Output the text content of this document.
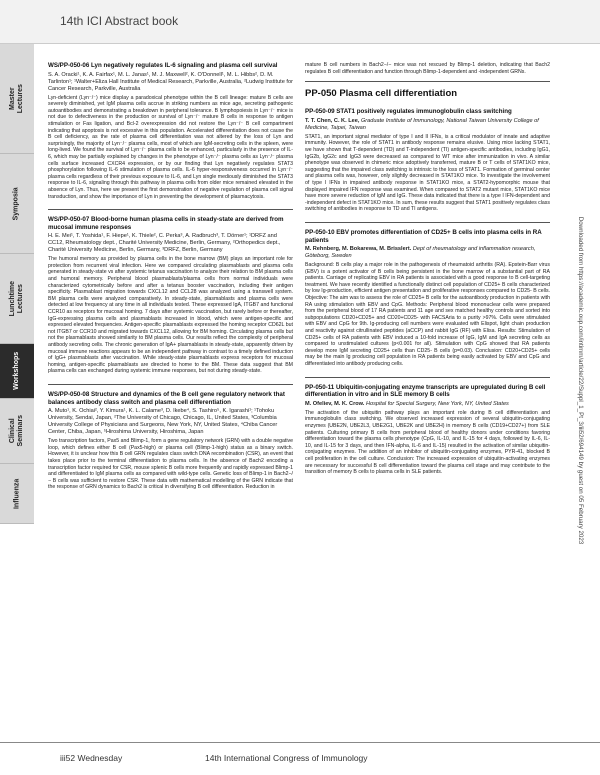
14th ICI Abstract book
Master
Lectures
Symposia
Lunchtime
Lectures
Workshops
Clinical
Seminars
Influenza
WS/PP-050-06 Lyn negatively regulates IL-6 signaling and plasma cell survival
S. A. Oracki¹, K. A. Fairfax¹, M. L. Janas¹, M. J. Maxwell², K. O'Donnell¹, M. L. Hibbs², D. M. Tarlinton¹; ¹Walter+Eliza Hall Institute of Medical Research, Parkville, Australia, ²Ludwig Institute for Cancer Research, Parkville, Australia
Lyn-deficient (Lyn⁻/⁻) mice display a paradoxical phenotype within the B cell lineage: mature B cells are severely diminished, yet IgM plasma cells accrue in striking numbers as mice age, secreting pathogenic autoantibodies and demonstrating a breakdown in peripheral tolerance. B lymphopoiesis in Lyn⁻/⁻ mice is not due to defectiveness in the production or survival of Lyn⁻/⁻ mature B cells in response to antigen stimulation or Fas ligation, and Bcl-2 overexpression did not restore the Lyn⁻/⁻ B cell compartment indicating that apoptosis is not excessive in this population. Accelerated differentiation does not cause the B cell deficiency, as the rate of plasma cell differentiation was not altered by the loss of Lyn and surprisingly, the majority of Lyn⁻/⁻ plasma cells, most of which are IgM-secreting cells in the spleen, were long-lived. We found the survival of Lyn⁻/⁻ plasma cells to be enhanced, particularly in the presence of IL-6, which may be partially explained by changes in the phenotype of Lyn⁻/⁻ plasma cells as Lyn⁻/⁻ plasma cells surface increased CXCR4 expression, or by our finding that Lyn negatively regulates STAT3 phosphorylation following IL-6 stimulation of plasma cells. IL-6 hyper-responsiveness occurred in Lyn⁻/⁻ plasma cells regardless of their previous exposure to IL-6, and Lyn single mediously diminished the STAT3 response to IL-6, signaling through this pathway in plasma cells from older mice remained elevated in the absence of Lyn. Thus, here we present the first demonstration of negative regulation of plasma cell signal transduction, and show the importance of Lyn in preventing the development of plasmacytosis.
WS/PP-050-07 Blood-borne human plasma cells in steady-state are derived from mucosal immune responses
H. E. Mei¹, T. Yoshida¹, F. Hiepe¹, K. Thiele², C. Perka³, A. Radbruch³, T. Dörner¹; ¹DRFZ and CC12, Rheumatology dept., Charité University Medicine, Berlin, Germany, ²Orthopedics dept., Charité University Medicine, Berlin, Germany, ³DRFZ, Berlin, Germany
The humoral memory as provided by plasma cells in the bone marrow (BM) plays an important role for protection from recurrent viral infection. Here we compared circulating plasmablasts and plasma cells generated in steady-state vs after systemic tetanus vaccination to analyze their relation to BM plasma cells and humoral memory. Peripheral blood plasmablasts/plasma cells from normal individuals were characterized cytometrically before and after a tetanus booster vaccination, including their antigen specificity. Plasmablast migration towards CXCL12 and CCL28 was analyzed using a transwell system. BM plasma cells were analyzed comparatively. In steady-state, plasmablasts and plasma cells were detected at low frequency at any time in all individuals tested. These expressed IgA, ITGB7 and functional CCR10 as receptors for mucosal homing. 7 days after systemic vaccination, but rarely before or thereafter, IgG-expressing plasma cells and plasmablasts increased in blood, which were antigen-specific and expressed elevated frequencies. Antigen-specific plasmablasts expressed the homing receptor CD62L but not ITGB7 or CCR10 and migrated towards CXCL12, allowing for BM homing. Circulating plasma cells but not the plasmablasts showed similarity to BM plasma cells. Our results reflect the complexity of peripheral antibody secreting cells. The chronic generation of IgA+ plasmablasts in steady-state, apparently driven by mucosal immune reactions appears to be an independent pathway in contrast to a timely defined induction of IgG+ plasmablasts after vaccination. While steady-state plasmablasts express receptors for mucosal homing, antigen-specific plasmablasts are directed to home to the BM. These data suggest that BM plasma cells can exchanged during systemic immune responses, but not during steady-state.
WS/PP-050-08 Structure and dynamics of the B cell gene regulatory network that balances antibody class switch and plasma cell differentiation
A. Muto¹, K. Ochiai², Y. Kimura¹, K. L. Calame³, D. Ikebe⁴, S. Tashiro⁵, K. Igarashi¹; ¹Tohoku University, Sendai, Japan, ²The University of Chicago, Chicago, IL, United States, ³Columbia University College of Physicians and Surgeons, New York, NY, United States, ⁴Chiba Cancer Center, Chiba, Japan, ⁵Hiroshima University, Hiroshima, Japan
Two transcription factors, Pax5 and Blimp-1, form a gene regulatory network (GRN) with a double negative loop, which defines either B cell (Pax5-high) or plasma cell (Blimp-1-high) status as a binary switch. However, it is unclear how this B cell GRN regulates class switch DNA recombination (CSR), an event that takes place prior to the terminal differentiation to plasma cells. In the absence of Bach2 encoding a transcription factor required for CSR, mouse splenic B cells more frequently and rapidly expressed Blimp-1 and differentiated to IgM plasma cells as compared with wild-type cells. Genetic loss of Blimp-1 in Bach2−/− B cells was sufficient to restore CSR. These data with mathematical modelling of the GRN indicate that the response of GRN dynamics to Bach2 is critical in diversifying B cell differentiation. Reduction in
mature B cell numbers in Bach2−/− mice was not rescued by Blimp-1 deletion, indicating that Bach2 regulates B cell differentiation and function through Blimp-1-dependent and -independent GRNs.
PP-050 Plasma cell differentiation
PP-050-09 STAT1 positively regulates immunoglobulin class switching
T. T. Chen, C. K. Lee, Graduate Institute of Immunology, National Taiwan University College of Medicine, Taipei, Taiwan
STAT1, an important signal mediator of type I and II IFNs, is a critical modulator of innate and adaptive immunity. However, the role of STAT1 in antibody response remains elusive. Using mice lacking STAT1, we have shown that T-dependent (TD) and T-independent (TI) antigen-specific antibodies, including IgG1, IgG2b, IgG2c and IgG3 were decreased as compared to WT mice after immunization in vivo. A similar phenotype was observed in chimeric mice adoptively transferred, mature B or T cells of STAT1KO mice, suggesting that the impaired class switching is intrinsic to the loss of STAT1. Formation of germinal center and plasma cells was, however, only slightly decreased in STAT1KO mice. To investigate the involvement of type I IFNs in impaired antibody response in STAT1KO mice, a STAT2-hypomorphic mouse that displayed impaired IFN response was examined. When compared to STAT2 mutant mice, STAT1KO mice have more severe reduction of IgM and IgG. These data indicated that there is a type I IFN-dependent and -independent defect in STAT1KO mice. In sum, these results suggest that STAT1 positively regulates class switching of antibodies in response to TD and TI antigens.
PP-050-10 EBV promotes differentiation of CD25+ B cells into plasma cells in RA patients
M. Rehnberg, M. Bokarewa, M. Brisslert. Dept of rheumatology and inflammation research, Göteborg, Sweden
Background: B cells play a major role in the pathogenesis of rheumatoid arthritis (RA). Epstein-Barr virus (EBV) is a potent activator of B cells being persistent in the bone marrow of a substantial part of RA patients. Carriage of replicating EBV in RA patients is associated with a good response to B cell-targeting treatment. We have recently identified a functionally distinct cell population of CD25+ B cells characterized by low Ig-production, efficient antigen presentation and proliferative responses compared to CD25- B cells. Objective: The aim was to assess the role of CD25+ B cells for the autoantibody production in patients with RA using stimulation with EBV and CpG. Methods: Peripheral blood mononuclear cells were prepared from the peripheral blood of 17 RA patients and 11 age and sex matched healthy controls and sorted into subpopulations CD20+CD25+ and CD20+CD25- with FACSAria to a purity >97%. Cells were stimulated with EBV and CpG for 9th. Ig-producing cell numbers were evaluated with Elispot, light chain production and reactivity against citrullinated peptides (aCCP) and rabbit IgG (RF) with Elisa. Results: Stimulation of CD25+ cells of RA patients with EBV induced a 10-fold increase of IgG, IgM and IgA secreting cells as compared to unstimulated cultures (p<0.001 for all). Stimulation with CpG showed that RA patients develop more IgM secreting CD25+ cells than CD25- B cells (p=0.03). Conclusion: CD20+CD25+ cells may be the main Ig producing cell population in RA patients being easily activated by EBV and CpG and differentiated into antibody producing cells.
PP-050-11 Ubiquitin-conjugating enzyme transcripts are upregulated during B cell differentiation in vitro and in SLE memory B cells
M. Ofeliev, M. K. Crow. Hospital for Special Surgery, New York, NY, United States
The activation of the ubiquitin pathway plays an important role during B cell differentiation and immunoglobulin class switching. We observed increased expression of several ubiquitin-conjugating enzymes (UBE2N, UBE2L3, UBE2G1, UBE2K and UBE2H) in memory B cells (CD19+CD27+) from SLE patients. Culturing primary B cells from peripheral blood of healthy donors under conditions favoring differentiation toward the plasma cells phenotype (CpG, IL-10, and IL-15 for 4 days, followed by IL-6, IL-10, and IL-15 for 3 days, and then IFN-alpha, IL-6 and IL-15) resulted in the activation of similar ubiquitin-conjugating enzymes. The addition of an inhibitor of ubiquitin-conjugating enzymes, PYR-41, blocked B cell proliferation in the cell culture. Conclusion: The increased expression of ubiquitin-activating enzymes are necessary for successful B cell differentiation toward the plasma cell stage and may contribute to the transition of memory B cells to plasma cells in SLE patients.	Downloaded from https://academic.oup.com/intimm/article/22/Suppl_1_Pt_3/iii52/694149 by guest on 05 February 2023
iii52 Wednesday	14th International Congress of Immunology
